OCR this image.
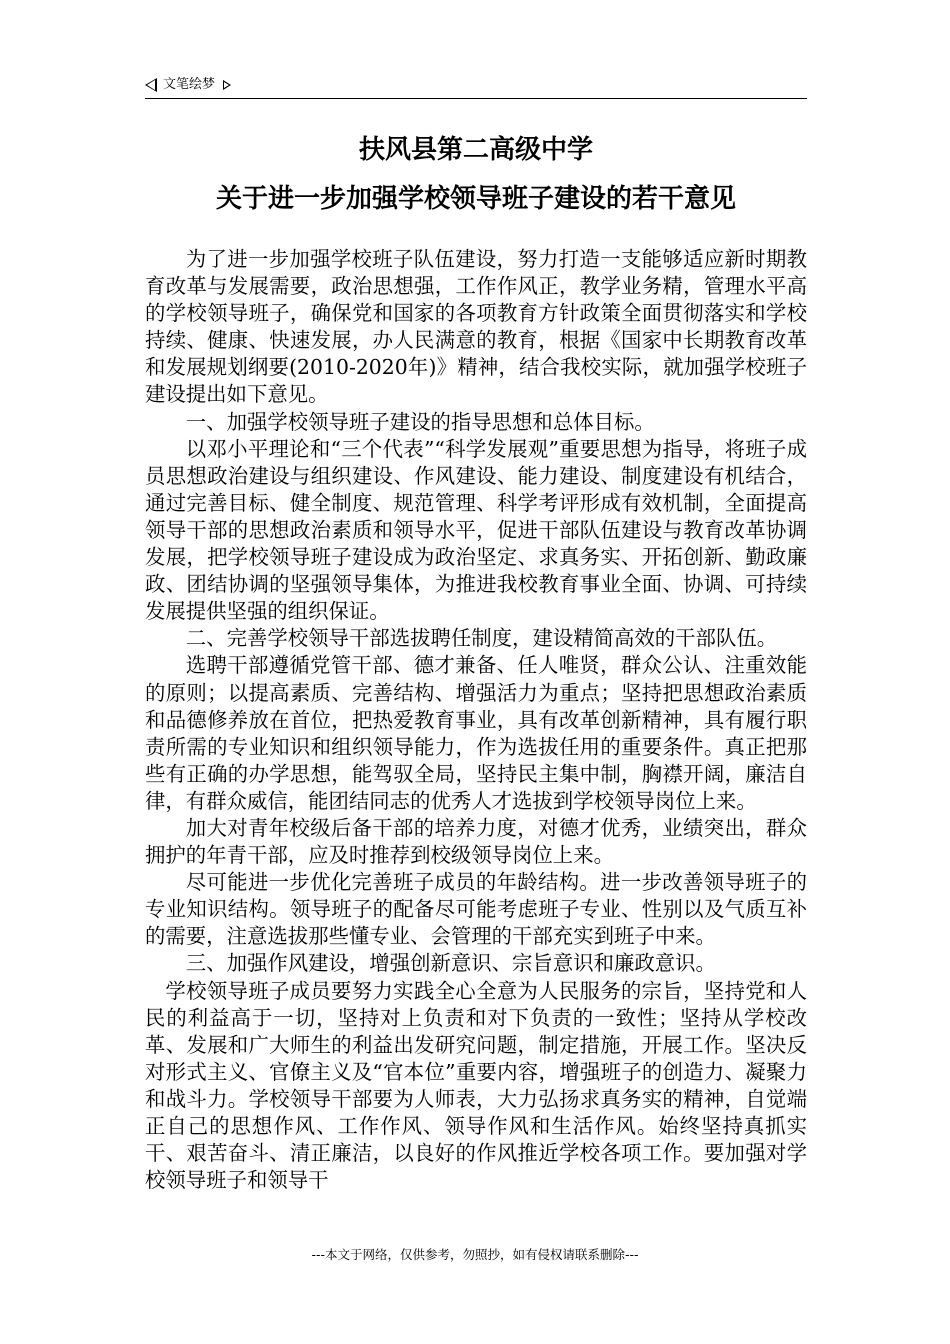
文笔绘梦
扶风县第二高级中学
关于进一步加强学校领导班子建设的若干意见

为了进一步加强学校班子队伍建设，努力打造一支能够适应新时期教育改革与发展需要，政治思想强，工作作风正，教学业务精，管理水平高的学校领导班子，确保党和国家的各项教育方针政策全面贯彻落实和学校持续、健康、快速发展，办人民满意的教育，根据《国家中长期教育改革和发展规划纲要(2010-2020年)》精神，结合我校实际，就加强学校班子建设提出如下意见。

一、加强学校领导班子建设的指导思想和总体目标。

以邓小平理论和“三个代表”“科学发展观”重要思想为指导，将班子成员思想政治建设与组织建设、作风建设、能力建设、制度建设有机结合，通过完善目标、健全制度、规范管理、科学考评形成有效机制，全面提高领导干部的思想政治素质和领导水平，促进干部队伍建设与教育改革协调发展，把学校领导班子建设成为政治坚定、求真务实、开拓创新、勤政廉政、团结协调的坚强领导集体，为推进我校教育事业全面、协调、可持续发展提供坚强的组织保证。

二、完善学校领导干部选拔聘任制度，建设精简高效的干部队伍。

选聘干部遵循党管干部、德才兼备、任人唯贤，群众公认、注重效能的原则；以提高素质、完善结构、增强活力为重点；坚持把思想政治素质和品德修养放在首位，把热爱教育事业，具有改革创新精神，具有履行职责所需的专业知识和组织领导能力，作为选拔任用的重要条件。真正把那些有正确的办学思想，能驾驭全局，坚持民主集中制，胸襟开阔，廉洁自律，有群众威信，能团结同志的优秀人才选拔到学校领导岗位上来。

加大对青年校级后备干部的培养力度，对德才优秀，业绩突出，群众拥护的年青干部，应及时推荐到校级领导岗位上来。

尽可能进一步优化完善班子成员的年龄结构。进一步改善领导班子的专业知识结构。领导班子的配备尽可能考虑班子专业、性别以及气质互补的需要，注意选拔那些懂专业、会管理的干部充实到班子中来。

三、加强作风建设，增强创新意识、宗旨意识和廉政意识。

学校领导班子成员要努力实践全心全意为人民服务的宗旨，坚持党和人民的利益高于一切，坚持对上负责和对下负责的一致性；坚持从学校改革、发展和广大师生的利益出发研究问题，制定措施，开展工作。坚决反对形式主义、官僚主义及“官本位”重要内容，增强班子的创造力、凝聚力和战斗力。学校领导干部要为人师表，大力弘扬求真务实的精神，自觉端正自己的思想作风、工作作风、领导作风和生活作风。始终坚持真抓实干、艰苦奋斗、清正廉洁，以良好的作风推近学校各项工作。要加强对学校领导班子和领导干

---本文于网络，仅供参考，勿照抄，如有侵权请联系删除---
